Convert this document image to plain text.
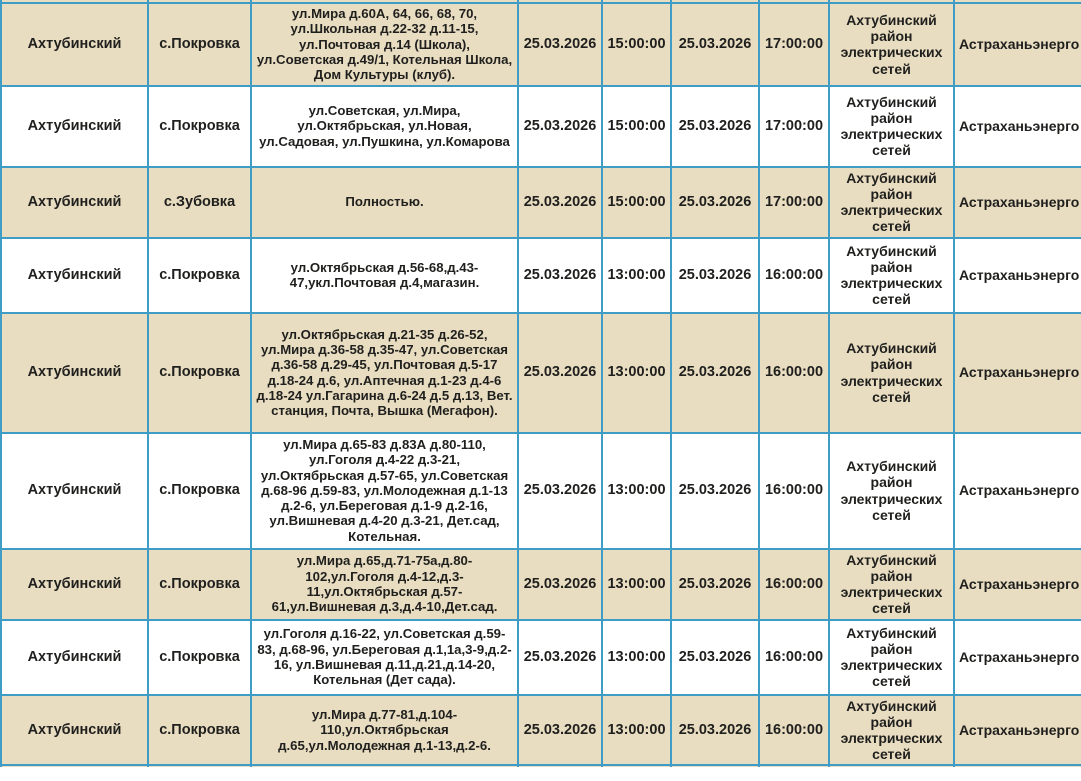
Ахтубинский	с.Покровка	ул.Мира д.60А, 64, 66, 68, 70, ул.Школьная д.22-32 д.11-15, ул.Почтовая д.14 (Школа), ул.Советская д.49/1, Котельная Школа, Дом Культуры (клуб).	25.03.2026	15:00:00	25.03.2026	17:00:00	Ахтубинский район электрических сетей	Астраханьэнерго
Ахтубинский	с.Покровка	ул.Советская, ул.Мира, ул.Октябрьская, ул.Новая, ул.Садовая, ул.Пушкина, ул.Комарова	25.03.2026	15:00:00	25.03.2026	17:00:00	Ахтубинский район электрических сетей	Астраханьэнерго
Ахтубинский	с.Зубовка	Полностью.	25.03.2026	15:00:00	25.03.2026	17:00:00	Ахтубинский район электрических сетей	Астраханьэнерго
Ахтубинский	с.Покровка	ул.Октябрьская д.56-68,д.43-47,укл.Почтовая д.4,магазин.	25.03.2026	13:00:00	25.03.2026	16:00:00	Ахтубинский район электрических сетей	Астраханьэнерго
Ахтубинский	с.Покровка	ул.Октябрьская д.21-35 д.26-52, ул.Мира д.36-58 д.35-47, ул.Советская д.36-58 д.29-45, ул.Почтовая д.5-17 д.18-24 д.6, ул.Аптечная д.1-23 д.4-6 д.18-24 ул.Гагарина д.6-24 д.5 д.13, Вет. станция, Почта, Вышка (Мегафон).	25.03.2026	13:00:00	25.03.2026	16:00:00	Ахтубинский район электрических сетей	Астраханьэнерго
Ахтубинский	с.Покровка	ул.Мира д.65-83 д.83А д.80-110, ул.Гоголя д.4-22 д.3-21, ул.Октябрьская д.57-65, ул.Советская д.68-96 д.59-83, ул.Молодежная д.1-13 д.2-6, ул.Береговая д.1-9 д.2-16, ул.Вишневая д.4-20 д.3-21, Дет.сад, Котельная.	25.03.2026	13:00:00	25.03.2026	16:00:00	Ахтубинский район электрических сетей	Астраханьэнерго
Ахтубинский	с.Покровка	ул.Мира д.65,д.71-75а,д.80-102,ул.Гоголя д.4-12,д.3-11,ул.Октябрьская д.57-61,ул.Вишневая д.3,д.4-10,Дет.сад.	25.03.2026	13:00:00	25.03.2026	16:00:00	Ахтубинский район электрических сетей	Астраханьэнерго
Ахтубинский	с.Покровка	ул.Гоголя д.16-22, ул.Советская д.59-83, д.68-96, ул.Береговая д.1,1а,3-9,д.2-16, ул.Вишневая д.11,д.21,д.14-20, Котельная (Дет сада).	25.03.2026	13:00:00	25.03.2026	16:00:00	Ахтубинский район электрических сетей	Астраханьэнерго
Ахтубинский	с.Покровка	ул.Мира д.77-81,д.104-110,ул.Октябрьская д.65,ул.Молодежная д.1-13,д.2-6.	25.03.2026	13:00:00	25.03.2026	16:00:00	Ахтубинский район электрических сетей	Астраханьэнерго
